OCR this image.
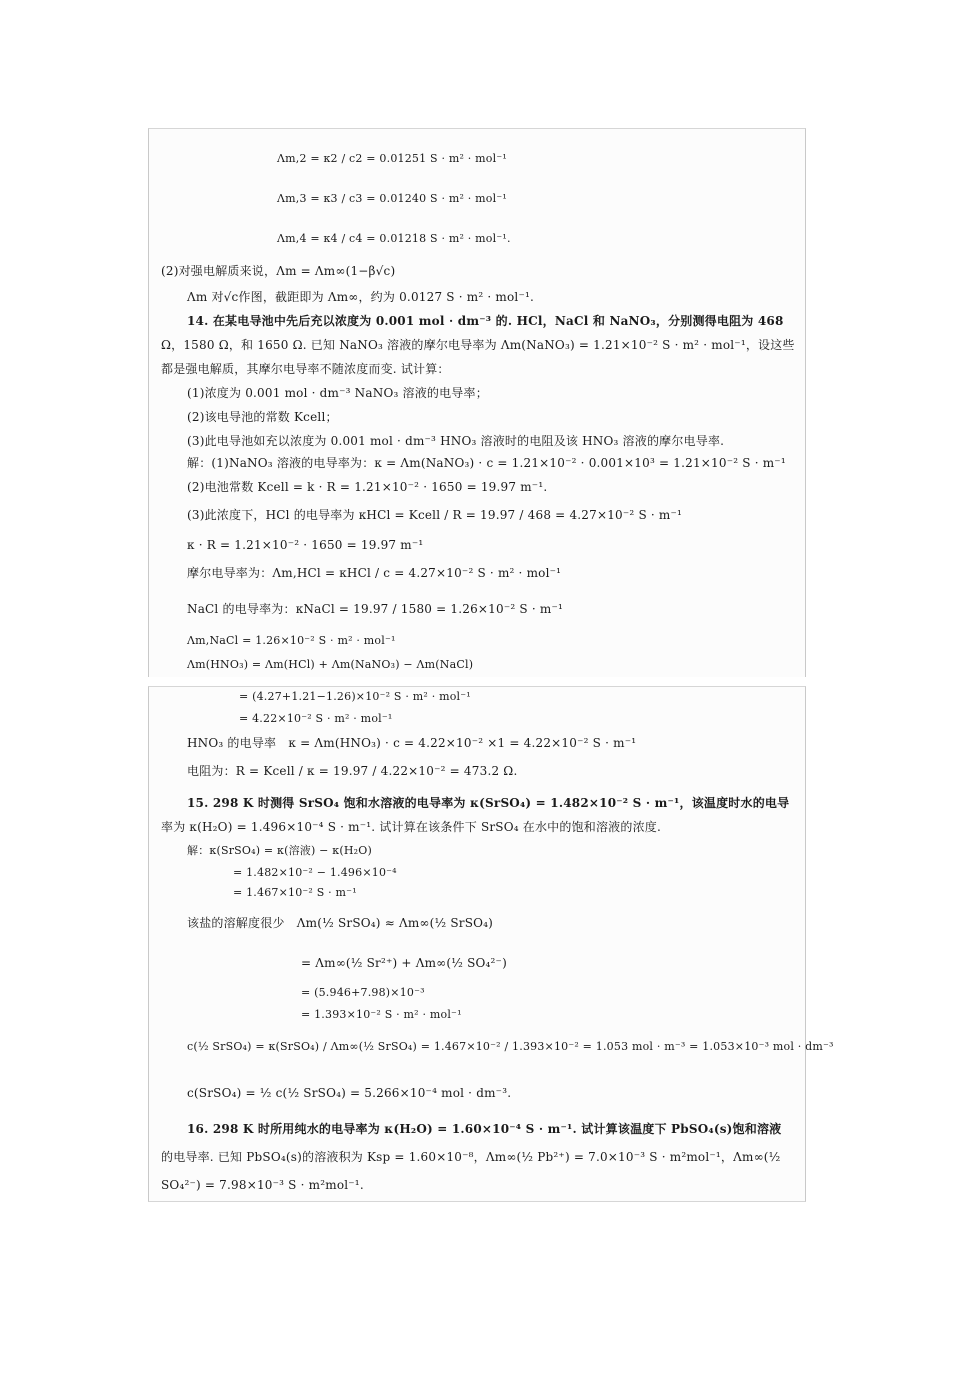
Λm,2 = κ2 / c2 = 0.01251 S · m² · mol⁻¹
Λm,3 = κ3 / c3 = 0.01240 S · m² · mol⁻¹
Λm,4 = κ4 / c4 = 0.01218 S · m² · mol⁻¹.
(2)对强电解质来说，Λm = Λm∞(1−β√c)
Λm 对√c作图，截距即为 Λm∞，约为 0.0127 S · m² · mol⁻¹.
14. 在某电导池中先后充以浓度为 0.001 mol · dm⁻³ 的. HCl，NaCl 和 NaNO₃，分别测得电阻为 468
Ω，1580 Ω，和 1650 Ω. 已知 NaNO₃ 溶液的摩尔电导率为 Λm(NaNO₃) = 1.21×10⁻² S · m² · mol⁻¹，设这些
都是强电解质，其摩尔电导率不随浓度而变. 试计算：
(1)浓度为 0.001 mol · dm⁻³ NaNO₃ 溶液的电导率；
(2)该电导池的常数 Kcell；
(3)此电导池如充以浓度为 0.001 mol · dm⁻³ HNO₃ 溶液时的电阻及该 HNO₃ 溶液的摩尔电导率.
解：(1)NaNO₃ 溶液的电导率为：κ = Λm(NaNO₃) · c = 1.21×10⁻² · 0.001×10³ = 1.21×10⁻² S · m⁻¹
(2)电池常数 Kcell = k · R = 1.21×10⁻² · 1650 = 19.97 m⁻¹.
(3)此浓度下，HCl 的电导率为 κHCl = Kcell / R = 19.97 / 468 = 4.27×10⁻² S · m⁻¹
κ · R = 1.21×10⁻² · 1650 = 19.97 m⁻¹
摩尔电导率为：Λm,HCl = κHCl / c = 4.27×10⁻² S · m² · mol⁻¹
NaCl 的电导率为：κNaCl = 19.97 / 1580 = 1.26×10⁻² S · m⁻¹
Λm,NaCl = 1.26×10⁻² S · m² · mol⁻¹
Λm(HNO₃) = Λm(HCl) + Λm(NaNO₃) − Λm(NaCl)
= (4.27+1.21−1.26)×10⁻² S · m² · mol⁻¹
= 4.22×10⁻² S · m² · mol⁻¹
HNO₃ 的电导率　κ = Λm(HNO₃) · c = 4.22×10⁻² ×1 = 4.22×10⁻² S · m⁻¹
电阻为：R = Kcell / κ = 19.97 / 4.22×10⁻² = 473.2 Ω.
15. 298 K 时测得 SrSO₄ 饱和水溶液的电导率为 κ(SrSO₄) = 1.482×10⁻² S · m⁻¹，该温度时水的电导
率为 κ(H₂O) = 1.496×10⁻⁴ S · m⁻¹. 试计算在该条件下 SrSO₄ 在水中的饱和溶液的浓度.
解：κ(SrSO₄) = κ(溶液) − κ(H₂O)
= 1.482×10⁻² − 1.496×10⁻⁴
= 1.467×10⁻² S · m⁻¹
该盐的溶解度很少　Λm(½ SrSO₄) ≈ Λm∞(½ SrSO₄)
= Λm∞(½ Sr²⁺) + Λm∞(½ SO₄²⁻)
= (5.946+7.98)×10⁻³
= 1.393×10⁻² S · m² · mol⁻¹
c(½ SrSO₄) = κ(SrSO₄) / Λm∞(½ SrSO₄) = 1.467×10⁻² / 1.393×10⁻² = 1.053 mol · m⁻³ = 1.053×10⁻³ mol · dm⁻³
c(SrSO₄) = ½ c(½ SrSO₄) = 5.266×10⁻⁴ mol · dm⁻³.
16. 298 K 时所用纯水的电导率为 κ(H₂O) = 1.60×10⁻⁴ S · m⁻¹. 试计算该温度下 PbSO₄(s)饱和溶液
的电导率. 已知 PbSO₄(s)的溶液积为 Ksp = 1.60×10⁻⁸，Λm∞(½ Pb²⁺) = 7.0×10⁻³ S · m²mol⁻¹，Λm∞(½
SO₄²⁻) = 7.98×10⁻³ S · m²mol⁻¹.
